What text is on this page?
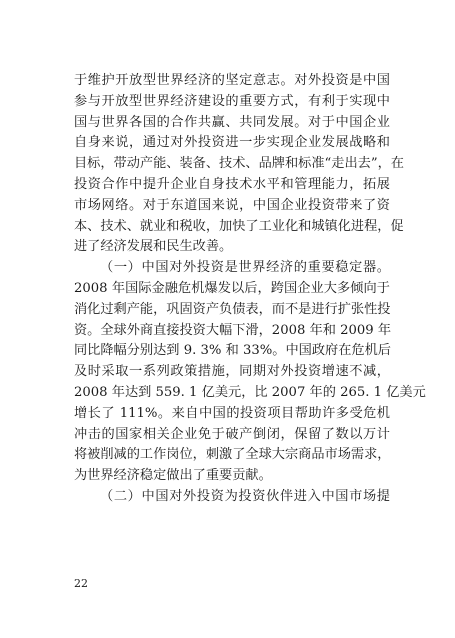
于维护开放型世界经济的坚定意志。对外投资是中国
参与开放型世界经济建设的重要方式，有利于实现中
国与世界各国的合作共赢、共同发展。对于中国企业
自身来说，通过对外投资进一步实现企业发展战略和
目标，带动产能、装备、技术、品牌和标准“走出去”，在
投资合作中提升企业自身技术水平和管理能力，拓展
市场网络。对于东道国来说，中国企业投资带来了资
本、技术、就业和税收，加快了工业化和城镇化进程，促
进了经济发展和民生改善。
（一）中国对外投资是世界经济的重要稳定器。
2008 年国际金融危机爆发以后，跨国企业大多倾向于
消化过剩产能，巩固资产负债表，而不是进行扩张性投
资。全球外商直接投资大幅下滑，2008 年和 2009 年
同比降幅分别达到 9. 3% 和 33%。中国政府在危机后
及时采取一系列政策措施，同期对外投资增速不减，
2008 年达到 559. 1 亿美元，比 2007 年的 265. 1 亿美元
增长了 111%。来自中国的投资项目帮助许多受危机
冲击的国家相关企业免于破产倒闭，保留了数以万计
将被削减的工作岗位，刺激了全球大宗商品市场需求，
为世界经济稳定做出了重要贡献。
（二）中国对外投资为投资伙伴进入中国市场提
22
